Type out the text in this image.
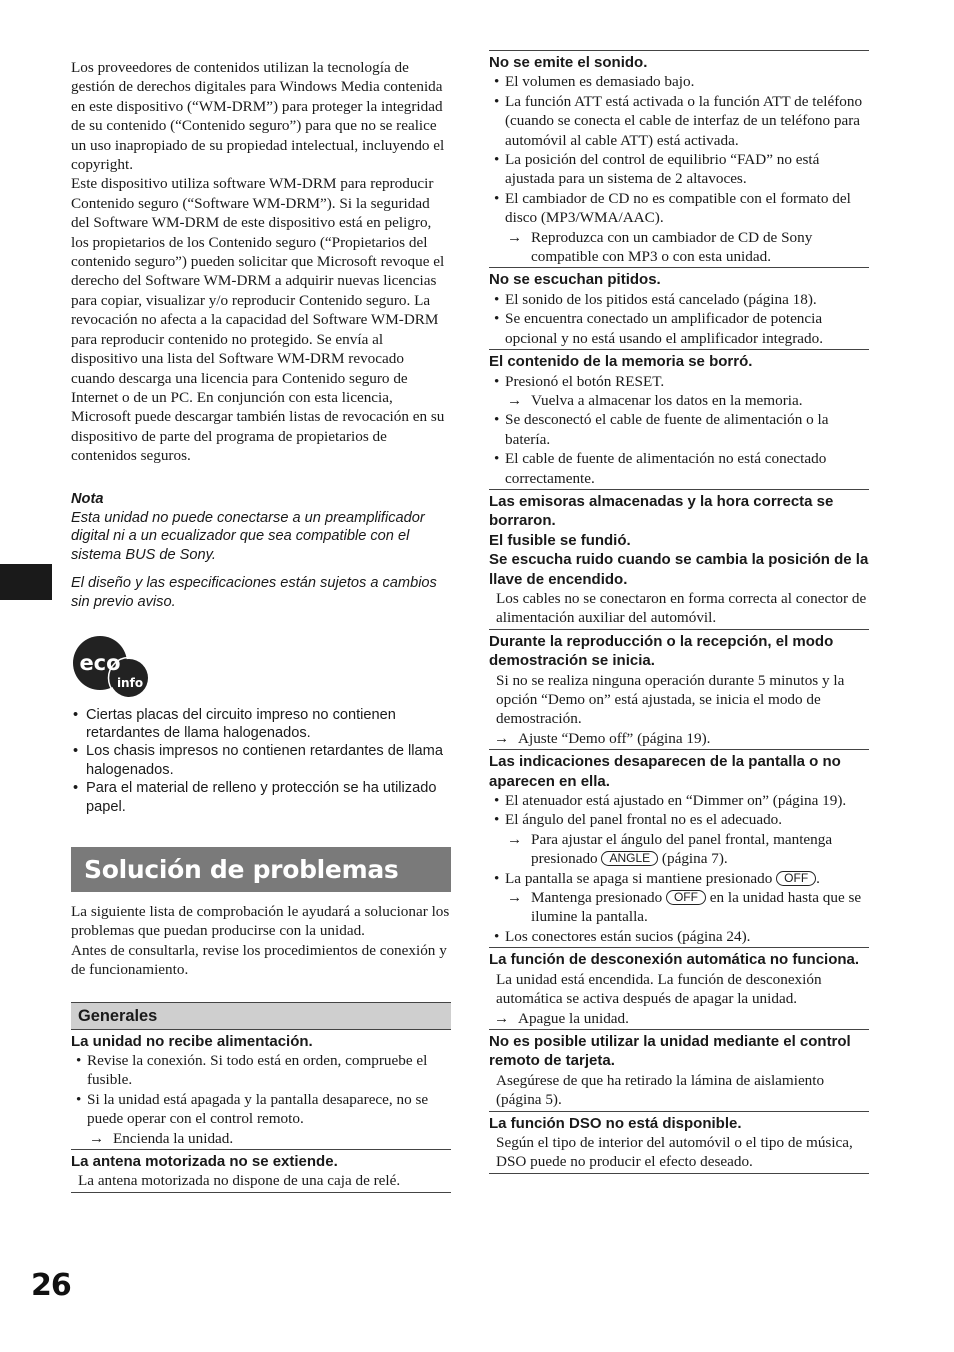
Los proveedores de contenidos utilizan la tecnología de gestión de derechos digitales para Windows Media contenida en este dispositivo (“WM-DRM”) para proteger la integridad de su contenido (“Contenido seguro”) para que no se realice un uso inapropiado de su propiedad intelectual, incluyendo el copyright.

Este dispositivo utiliza software WM-DRM para reproducir Contenido seguro (“Software WM-DRM”). Si la seguridad del Software WM-DRM de este dispositivo está en peligro, los propietarios de los Contenido seguro (“Propietarios del contenido seguro”) pueden solicitar que Microsoft revoque el derecho del Software WM-DRM a adquirir nuevas licencias para copiar, visualizar y/o reproducir Contenido seguro. La revocación no afecta a la capacidad del Software WM-DRM para reproducir contenido no protegido. Se envía al dispositivo una lista del Software WM-DRM revocado cuando descarga una licencia para Contenido seguro de Internet o de un PC. En conjunción con esta licencia, Microsoft puede descargar también listas de revocación en su dispositivo de parte del programa de propietarios de contenidos seguros.

Nota

Esta unidad no puede conectarse a un preamplificador digital ni a un ecualizador que sea compatible con el sistema BUS de Sony.

El diseño y las especificaciones están sujetos a cambios sin previo aviso.

eco
info
• Ciertas placas del circuito impreso no contienen retardantes de llama halogenados.
• Los chasis impresos no contienen retardantes de llama halogenados.
• Para el material de relleno y protección se ha utilizado papel.
Solución de problemas

La siguiente lista de comprobación le ayudará a solucionar los problemas que puedan producirse con la unidad.

Antes de consultarla, revise los procedimientos de conexión y de funcionamiento.

Generales

La unidad no recibe alimentación.

• Revise la conexión. Si todo está en orden, compruebe el fusible.
• Si la unidad está apagada y la pantalla desaparece, no se puede operar con el control remoto.
→ Encienda la unidad.

La antena motorizada no se extiende.

La antena motorizada no dispone de una caja de relé.

No se emite el sonido.

• El volumen es demasiado bajo.
• La función ATT está activada o la función ATT de teléfono (cuando se conecta el cable de interfaz de un teléfono para automóvil al cable ATT) está activada.
• La posición del control de equilibrio “FAD” no está ajustada para un sistema de 2 altavoces.
• El cambiador de CD no es compatible con el formato del disco (MP3/WMA/AAC).
→ Reproduzca con un cambiador de CD de Sony compatible con MP3 o con esta unidad.

No se escuchan pitidos.

• El sonido de los pitidos está cancelado (página 18).
• Se encuentra conectado un amplificador de potencia opcional y no está usando el amplificador integrado.

El contenido de la memoria se borró.

• Presionó el botón RESET.
→ Vuelva a almacenar los datos en la memoria.
• Se desconectó el cable de fuente de alimentación o la batería.
• El cable de fuente de alimentación no está conectado correctamente.

Las emisoras almacenadas y la hora correcta se borraron.

El fusible se fundió.

Se escucha ruido cuando se cambia la posición de la llave de encendido.

Los cables no se conectaron en forma correcta al conector de alimentación auxiliar del automóvil.

Durante la reproducción o la recepción, el modo demostración se inicia.

Si no se realiza ninguna operación durante 5 minutos y la opción “Demo on” está ajustada, se inicia el modo de demostración.
→ Ajuste “Demo off” (página 19).

Las indicaciones desaparecen de la pantalla o no aparecen en ella.

• El atenuador está ajustado en “Dimmer on” (página 19).
• El ángulo del panel frontal no es el adecuado.
→ Para ajustar el ángulo del panel frontal, mantenga presionado ANGLE (página 7).
• La pantalla se apaga si mantiene presionado OFF .
→ Mantenga presionado OFF en la unidad hasta que se ilumine la pantalla.
• Los conectores están sucios (página 24).

La función de desconexión automática no funciona.

La unidad está encendida. La función de desconexión automática se activa después de apagar la unidad.
→ Apague la unidad.

No es posible utilizar la unidad mediante el control remoto de tarjeta.

Asegúrese de que ha retirado la lámina de aislamiento (página 5).

La función DSO no está disponible.

Según el tipo de interior del automóvil o el tipo de música, DSO puede no producir el efecto deseado.
26
